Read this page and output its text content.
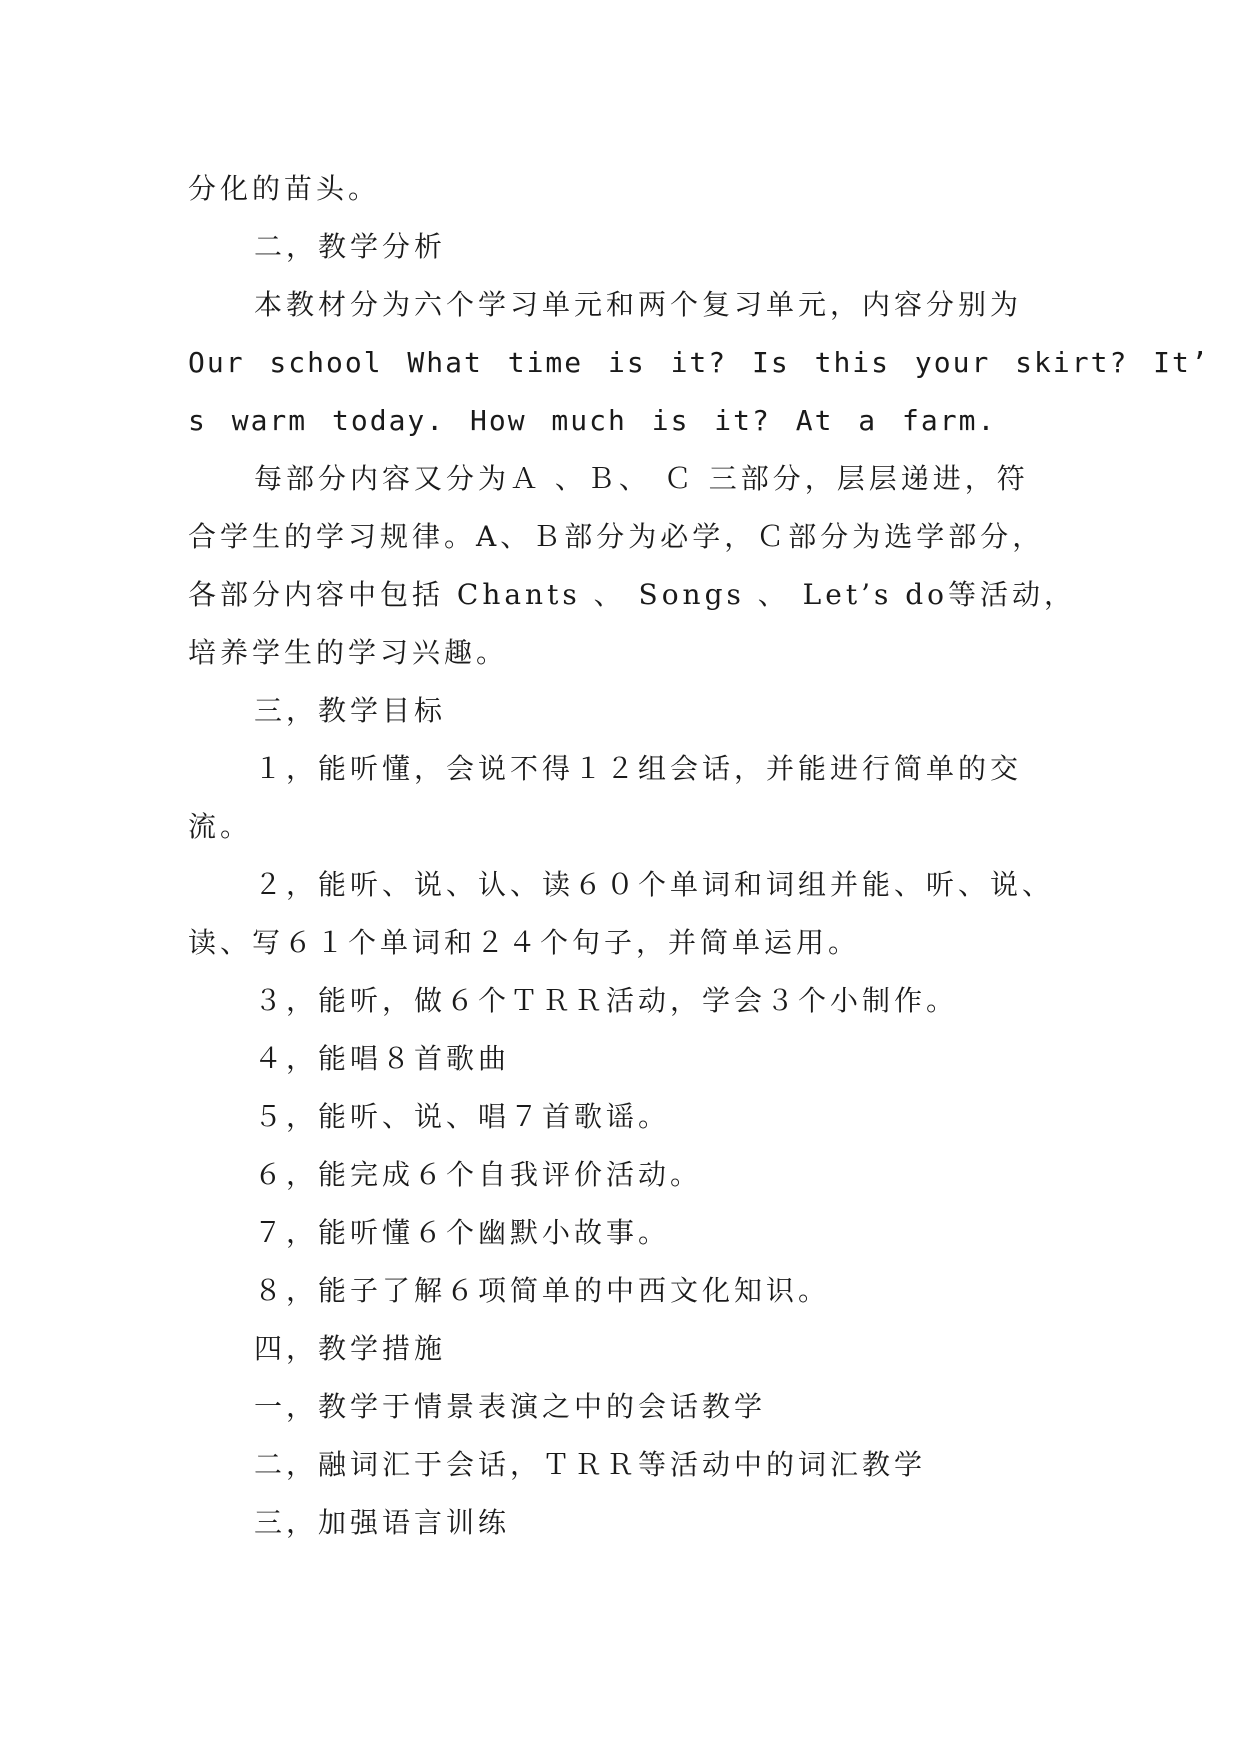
分化的苗头。
二，教学分析
本教材分为六个学习单元和两个复习单元，内容分别为
Our school What time is it? Is this your skirt? It’
s warm today. How much is it? At a farm.
每部分内容又分为Ａ 、Ｂ、 Ｃ 三部分，层层递进，符
合学生的学习规律。A、Ｂ部分为必学，Ｃ部分为选学部分，
各部分内容中包括 Chants 、 Songs 、 Let’s do等活动，
培养学生的学习兴趣。
三，教学目标
１，能听懂，会说不得１２组会话，并能进行简单的交
流。
２，能听、说、认、读６０个单词和词组并能、听、说、
读、写６１个单词和２４个句子，并简单运用。
３，能听，做６个ＴＲＲ活动，学会３个小制作。
４，能唱８首歌曲
５，能听、说、唱７首歌谣。
６，能完成６个自我评价活动。
７，能听懂６个幽默小故事。
８，能子了解６项简单的中西文化知识。
四，教学措施
一，教学于情景表演之中的会话教学
二，融词汇于会话，ＴＲＲ等活动中的词汇教学
三，加强语言训练
